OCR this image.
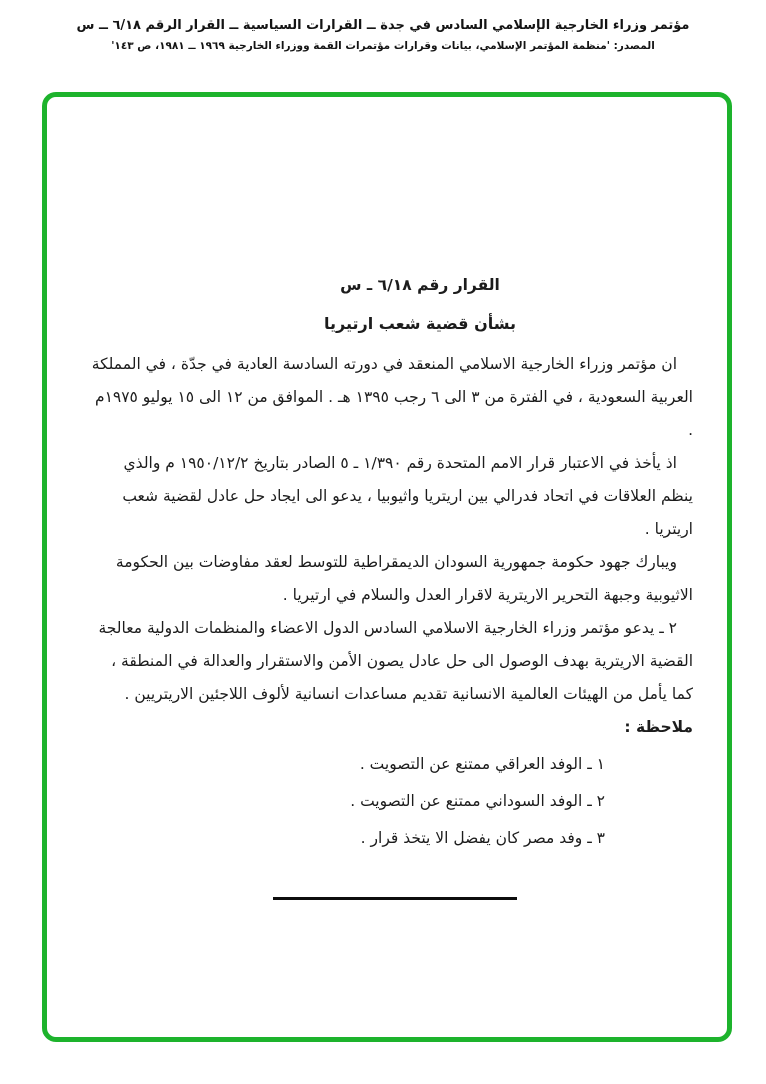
مؤتمر وزراء الخارجية الإسلامي السادس في جدة ــ القرارات السياسية ــ القرار الرقم ٦/١٨ ــ س
المصدر: 'منظمة المؤتمر الإسلامي، بيانات وقرارات مؤتمرات القمة ووزراء الخارجية ١٩٦٩ ــ ١٩٨١، ص ١٤٣'
القرار رقم ٦/١٨ ـ س
بشأن قضية شعب ارتيريا

ان مؤتمر وزراء الخارجية الاسلامي المنعقد في دورته السادسة العادية في جدّة ، في المملكة العربية السعودية ، في الفترة من ٣ الى ٦ رجب ١٣٩٥ هـ . الموافق من ١٢ الى ١٥ يوليو ١٩٧٥م .

اذ يأخذ في الاعتبار قرار الامم المتحدة رقم ١/٣٩٠ ـ ٥ الصادر بتاريخ ١٩٥٠/١٢/٢ م والذي ينظم العلاقات في اتحاد فدرالي بين اريتريا واثيوبيا ، يدعو الى ايجاد حل عادل لقضية شعب اريتريا .

ويبارك جهود حكومة جمهورية السودان الديمقراطية للتوسط لعقد مفاوضات بين الحكومة الاثيوبية وجبهة التحرير الاريترية لاقرار العدل والسلام في ارتيريا .

٢ ـ يدعو مؤتمر وزراء الخارجية الاسلامي السادس الدول الاعضاء والمنظمات الدولية معالجة القضية الاريترية بهدف الوصول الى حل عادل يصون الأمن والاستقرار والعدالة في المنطقة ، كما يأمل من الهيئات العالمية الانسانية تقديم مساعدات انسانية لألوف اللاجئين الاريتريين .

ملاحظة :

١ ـ الوفد العراقي ممتنع عن التصويت .

٢ ـ الوفد السوداني ممتنع عن التصويت .

٣ ـ وفد مصر كان يفضل الا يتخذ قرار .
